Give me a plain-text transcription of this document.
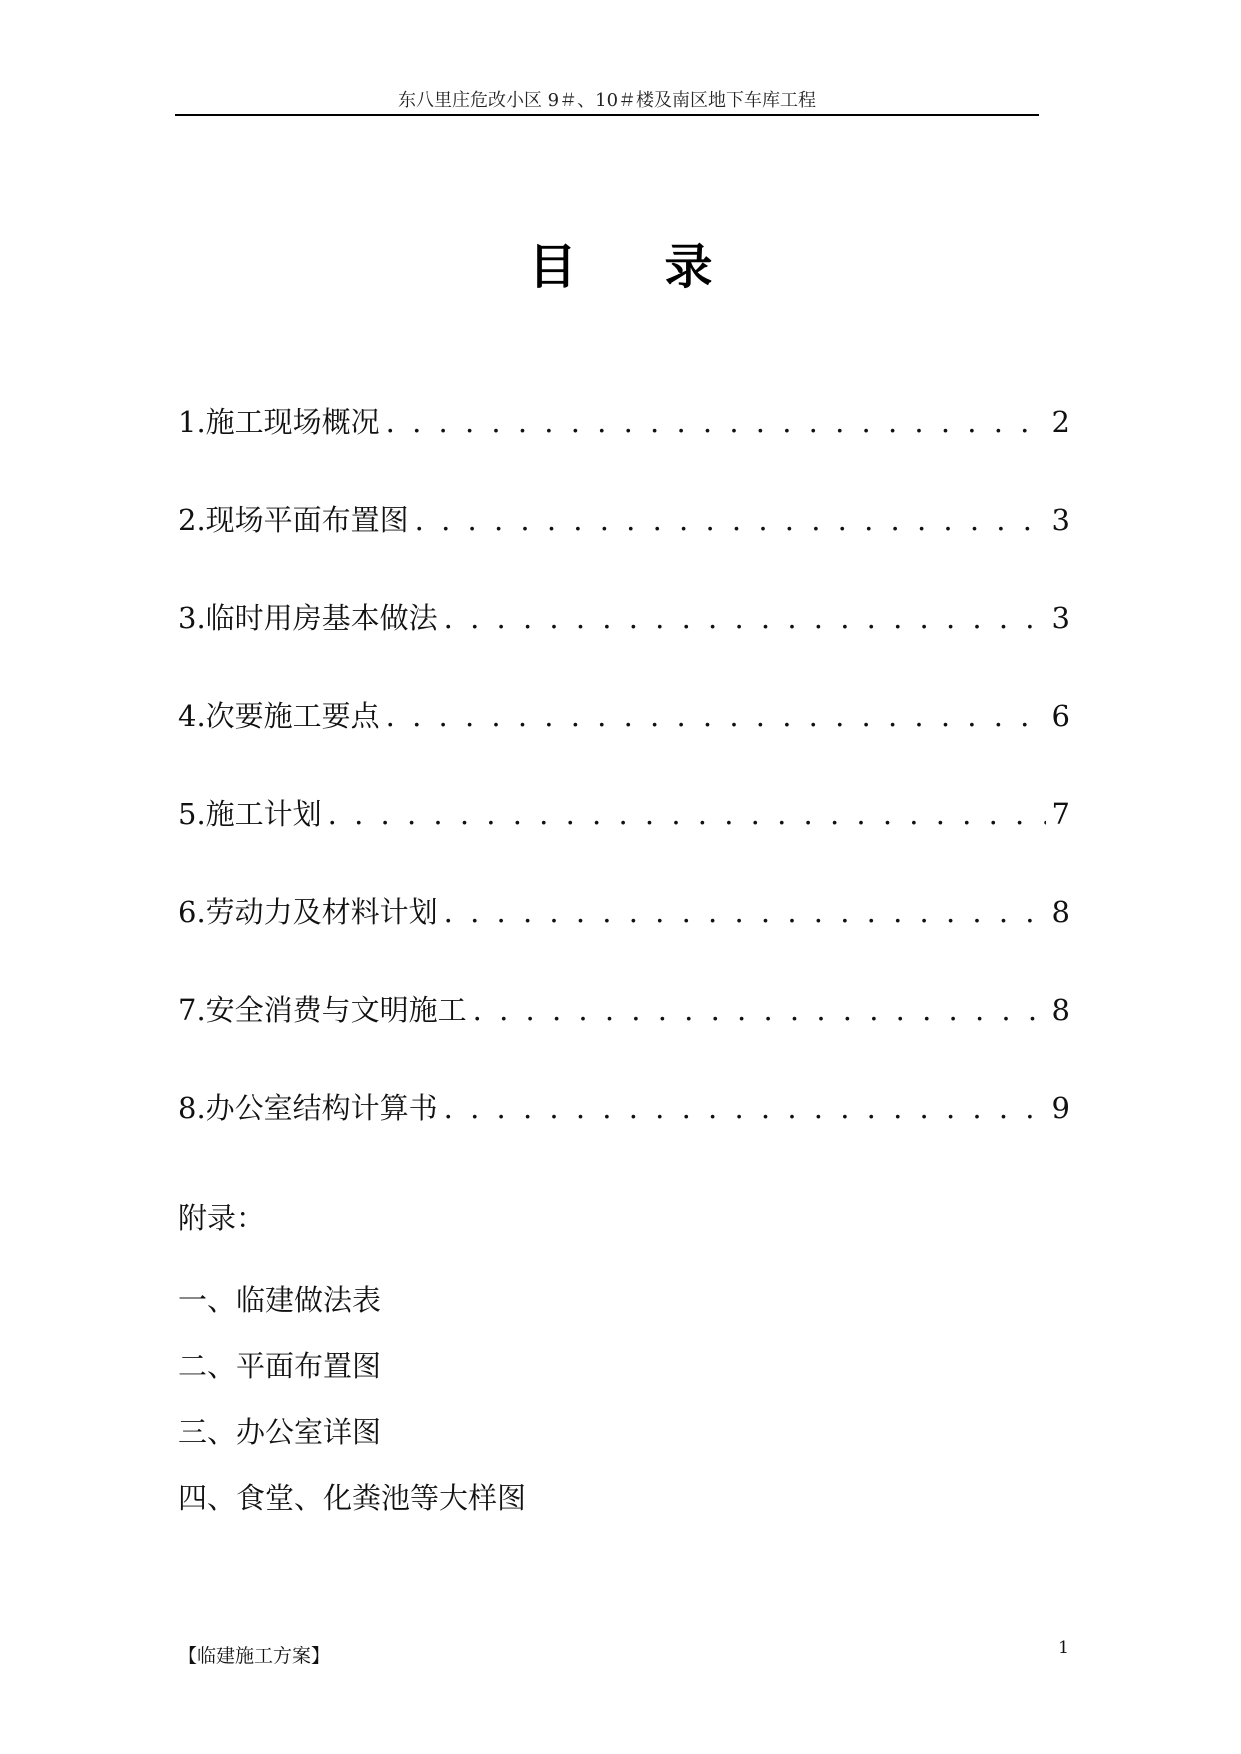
东八里庄危改小区 9＃、10＃楼及南区地下车库工程
目录
1.施工现场概况 . . .	2
2.现场平面布置图 . . .	3
3.临时用房基本做法 . . .	3
4.次要施工要点 . . .	6
5.施工计划 . . .	7
6.劳动力及材料计划 . . .	8
7.安全消费与文明施工 . . .	8
8.办公室结构计算书 . . .	9
附录：
一、临建做法表
二、平面布置图
三、办公室详图
四、食堂、化粪池等大样图
【临建施工方案】	1
